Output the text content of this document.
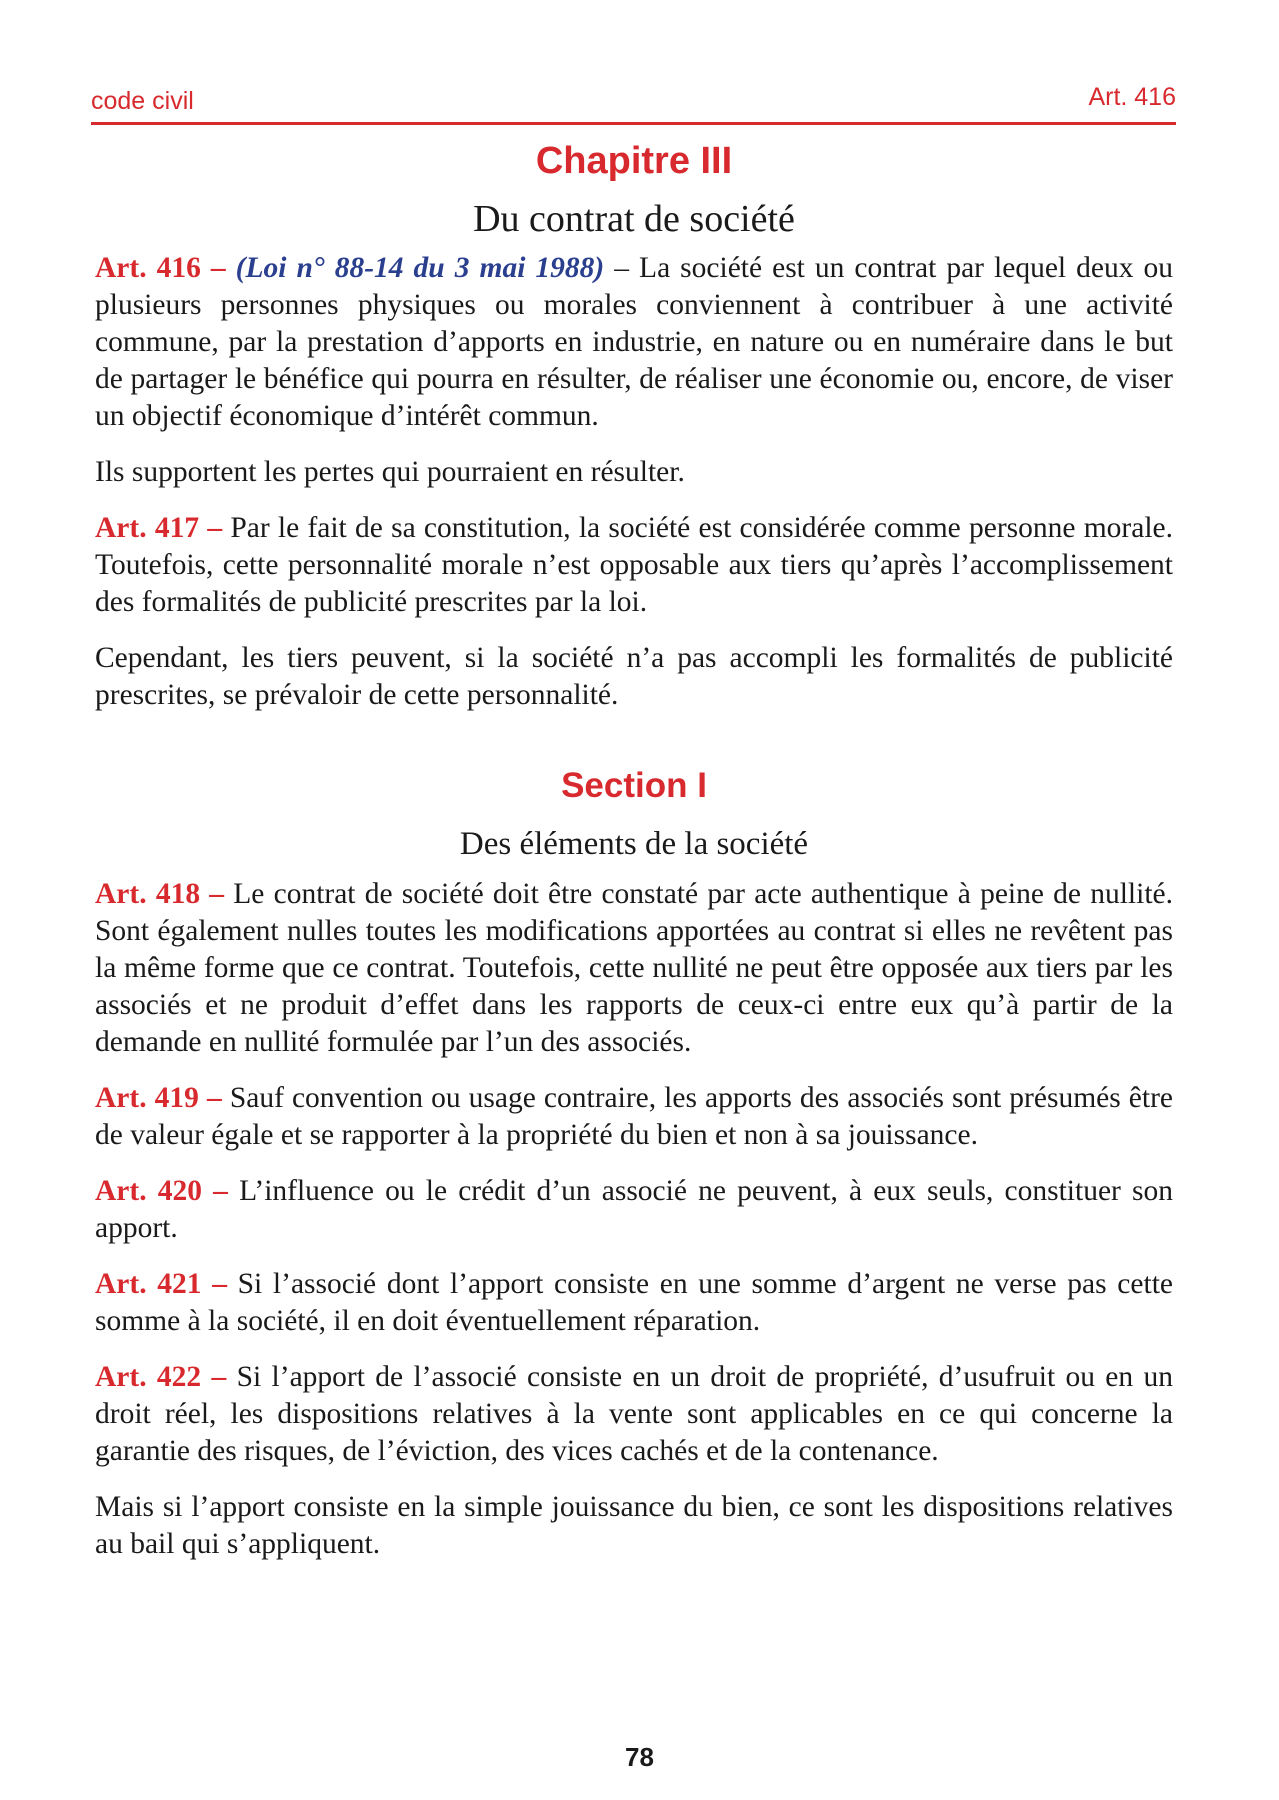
code civil	Art. 416
Chapitre III
Du contrat de société

Art. 416 – (Loi n° 88-14 du 3 mai 1988) – La société est un contrat par lequel deux ou plusieurs personnes physiques ou morales conviennent à contribuer à une activité commune, par la prestation d’apports en industrie, en nature ou en numéraire dans le but de partager le bénéfice qui pourra en résulter, de réaliser une économie ou, encore, de viser un objectif économique d’intérêt commun.

Ils supportent les pertes qui pourraient en résulter.

Art. 417 – Par le fait de sa constitution, la société est considérée comme personne morale. Toutefois, cette personnalité morale n’est opposable aux tiers qu’après l’accomplissement des formalités de publicité prescrites par la loi.

Cependant, les tiers peuvent, si la société n’a pas accompli les formalités de publicité prescrites, se prévaloir de cette personnalité.

Section I
Des éléments de la société

Art. 418 – Le contrat de société doit être constaté par acte authentique à peine de nullité. Sont également nulles toutes les modifications apportées au contrat si elles ne revêtent pas la même forme que ce contrat. Toutefois, cette nullité ne peut être opposée aux tiers par les associés et ne produit d’effet dans les rapports de ceux-ci entre eux qu’à partir de la demande en nullité formulée par l’un des associés.

Art. 419 – Sauf convention ou usage contraire, les apports des associés sont présumés être de valeur égale et se rapporter à la propriété du bien et non à sa jouissance.

Art. 420 – L’influence ou le crédit d’un associé ne peuvent, à eux seuls, constituer son apport.

Art. 421 – Si l’associé dont l’apport consiste en une somme d’argent ne verse pas cette somme à la société, il en doit éventuellement réparation.

Art. 422 – Si l’apport de l’associé consiste en un droit de propriété, d’usufruit ou en un droit réel, les dispositions relatives à la vente sont applicables en ce qui concerne la garantie des risques, de l’éviction, des vices cachés et de la contenance.

Mais si l’apport consiste en la simple jouissance du bien, ce sont les dispositions relatives au bail qui s’appliquent.

78
